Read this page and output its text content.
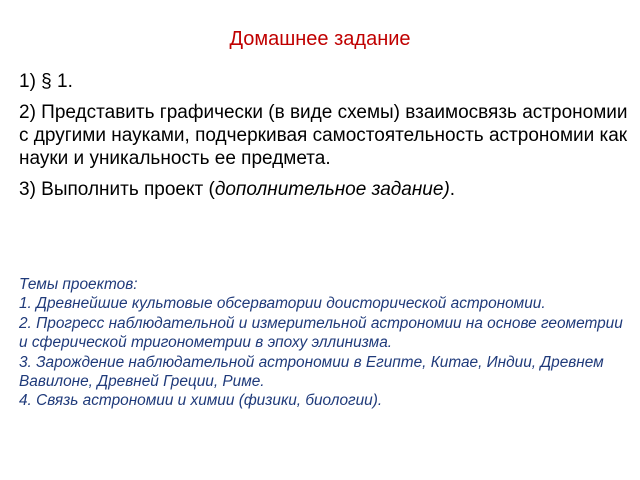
Домашнее задание
1) § 1.
2) Представить графически (в виде схемы) взаимосвязь астрономии с другими науками, подчеркивая самостоятельность астрономии как науки и уникальность ее предмета.
3) Выполнить проект (дополнительное задание).
Темы проектов:
1. Древнейшие культовые обсерватории доисторической астрономии.
2. Прогресс наблюдательной и измерительной астрономии на основе геометрии и сферической тригонометрии в эпоху эллинизма.
3. Зарождение наблюдательной астрономии в Египте, Китае, Индии, Древнем Вавилоне, Древней Греции, Риме.
4. Связь астрономии и химии (физики, биологии).
